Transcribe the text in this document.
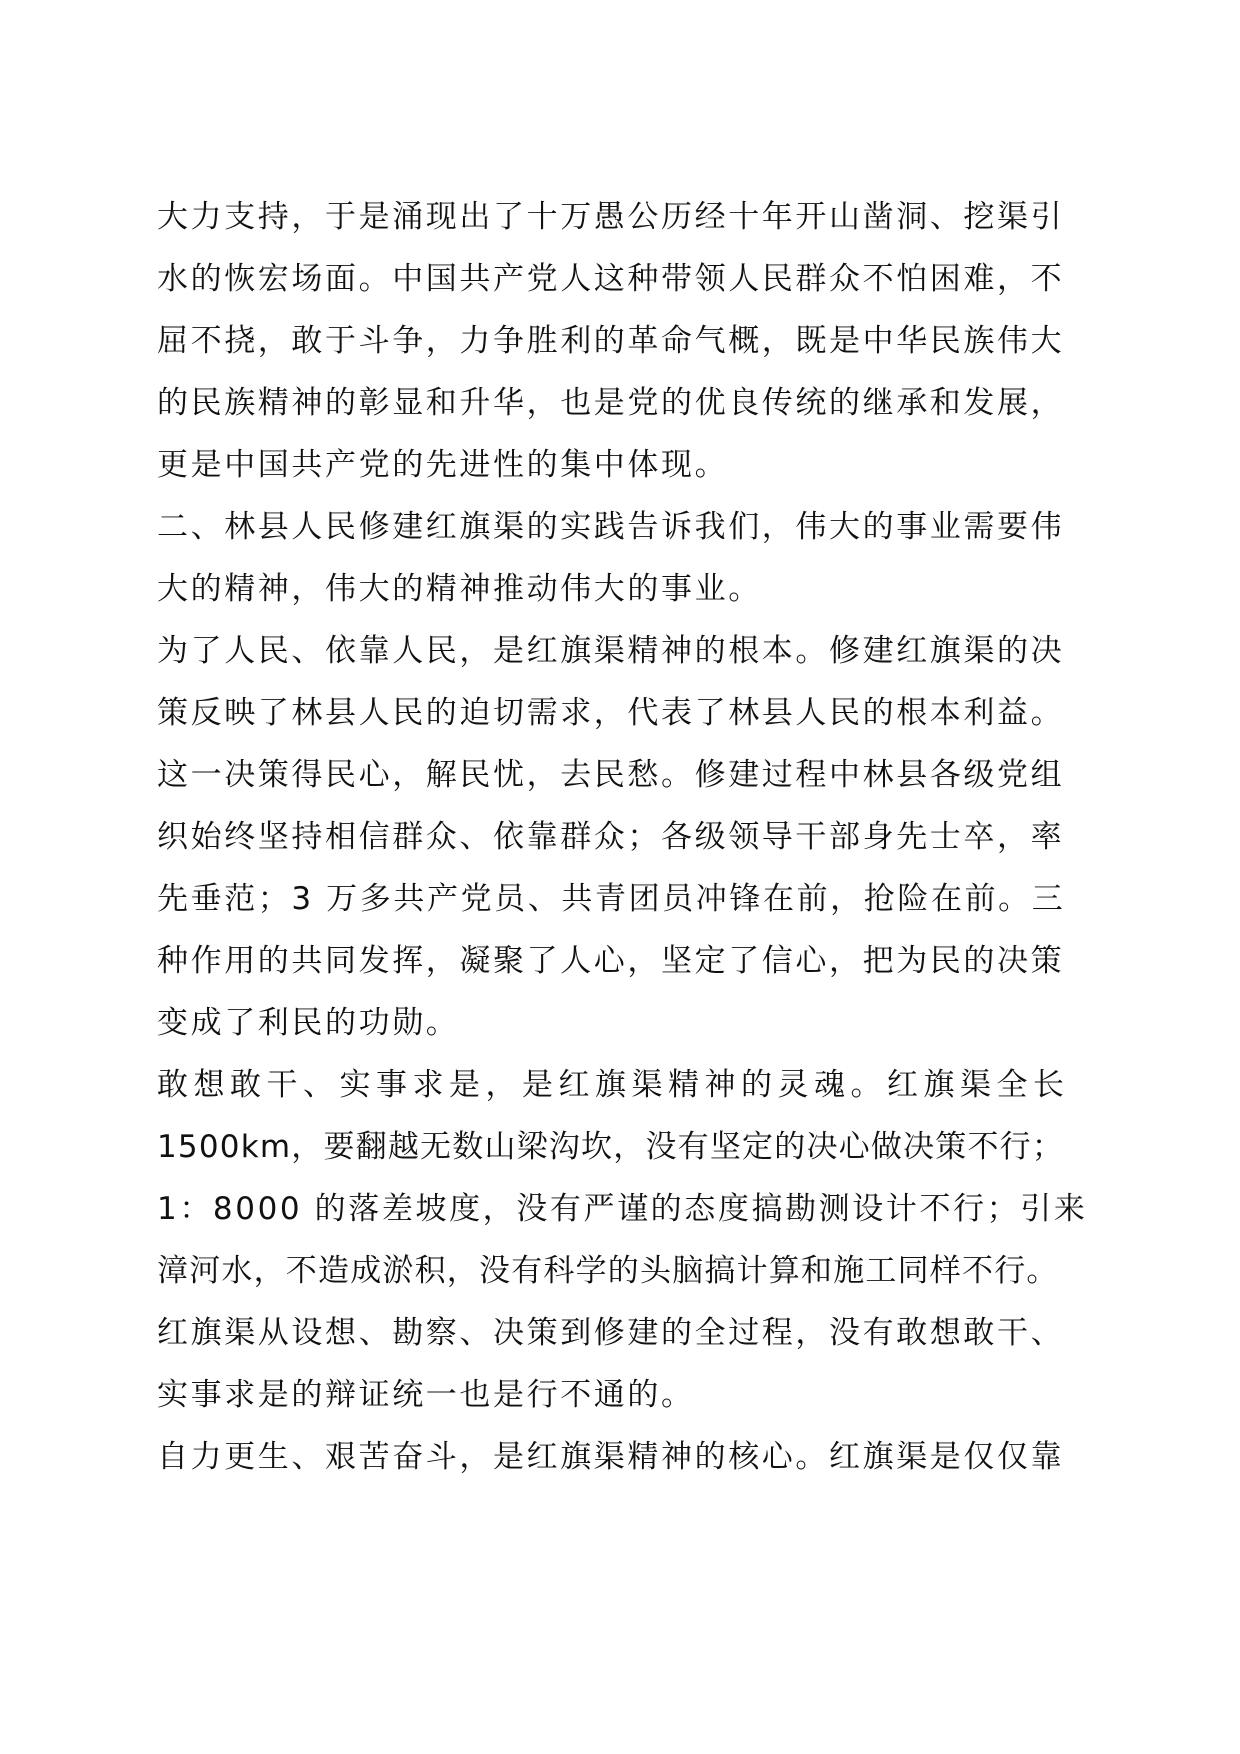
大力支持，于是涌现出了十万愚公历经十年开山凿洞、挖渠引
水的恢宏场面。中国共产党人这种带领人民群众不怕困难，不
屈不挠，敢于斗争，力争胜利的革命气概，既是中华民族伟大
的民族精神的彰显和升华，也是党的优良传统的继承和发展，
更是中国共产党的先进性的集中体现。
二、林县人民修建红旗渠的实践告诉我们，伟大的事业需要伟
大的精神，伟大的精神推动伟大的事业。
为了人民、依靠人民，是红旗渠精神的根本。修建红旗渠的决
策反映了林县人民的迫切需求，代表了林县人民的根本利益。
这一决策得民心，解民忧，去民愁。修建过程中林县各级党组
织始终坚持相信群众、依靠群众；各级领导干部身先士卒，率
先垂范；3 万多共产党员、共青团员冲锋在前，抢险在前。三
种作用的共同发挥，凝聚了人心，坚定了信心，把为民的决策
变成了利民的功勋。
敢想敢干、实事求是，是红旗渠精神的灵魂。红旗渠全长
1500km，要翻越无数山梁沟坎，没有坚定的决心做决策不行；
1：8000 的落差坡度，没有严谨的态度搞勘测设计不行；引来
漳河水，不造成淤积，没有科学的头脑搞计算和施工同样不行。
红旗渠从设想、勘察、决策到修建的全过程，没有敢想敢干、
实事求是的辩证统一也是行不通的。
自力更生、艰苦奋斗，是红旗渠精神的核心。红旗渠是仅仅靠
